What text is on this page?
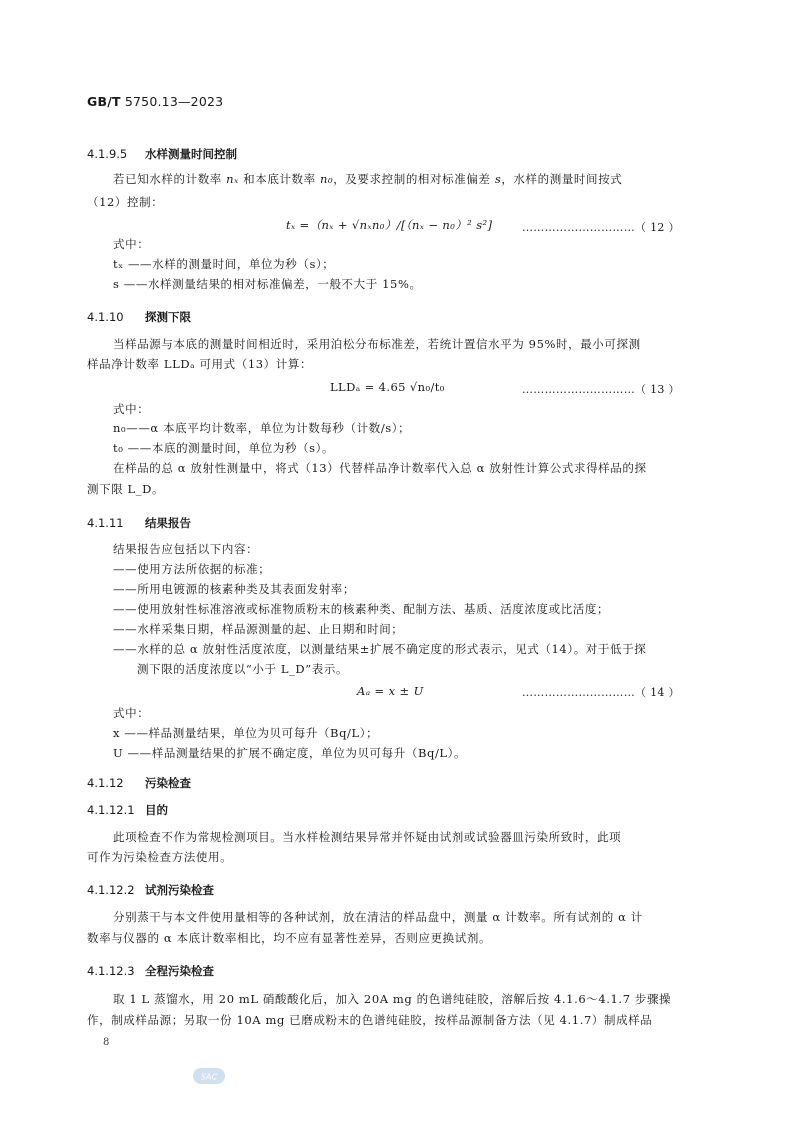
GB/T 5750.13—2023
4.1.9.5 水样测量时间控制
若已知水样的计数率 nₓ 和本底计数率 n₀，及要求控制的相对标准偏差 s，水样的测量时间按式
（12）控制：
tₓ =（nₓ + √nₓn₀）/[（nₓ − n₀）² s²]	…………………………（ 12 ）
式中：
tₓ ——水样的测量时间，单位为秒（s）；
s ——水样测量结果的相对标准偏差，一般不大于 15%。
4.1.10 探测下限
当样品源与本底的测量时间相近时，采用泊松分布标准差，若统计置信水平为 95%时，最小可探测
样品净计数率 LLDₐ 可用式（13）计算：
LLDₐ = 4.65 √n₀/t₀	…………………………（ 13 ）
式中：
n₀——α 本底平均计数率，单位为计数每秒（计数/s）；
t₀ ——本底的测量时间，单位为秒（s）。
在样品的总 α 放射性测量中，将式（13）代替样品净计数率代入总 α 放射性计算公式求得样品的探
测下限 L_D。
4.1.11 结果报告
结果报告应包括以下内容：
——使用方法所依据的标准；
——所用电镀源的核素种类及其表面发射率；
——使用放射性标准溶液或标准物质粉末的核素种类、配制方法、基质、活度浓度或比活度；
——水样采集日期，样品源测量的起、止日期和时间；
——水样的总 α 放射性活度浓度，以测量结果±扩展不确定度的形式表示，见式（14）。对于低于探
测下限的活度浓度以“小于 L_D”表示。
Aₐ = x ± U	…………………………（ 14 ）
式中：
x ——样品测量结果，单位为贝可每升（Bq/L）；
U ——样品测量结果的扩展不确定度，单位为贝可每升（Bq/L）。
4.1.12 污染检查
4.1.12.1 目的
此项检查不作为常规检测项目。当水样检测结果异常并怀疑由试剂或试验器皿污染所致时，此项
可作为污染检查方法使用。
4.1.12.2 试剂污染检查
分别蒸干与本文件使用量相等的各种试剂，放在清洁的样品盘中，测量 α 计数率。所有试剂的 α 计
数率与仪器的 α 本底计数率相比，均不应有显著性差异，否则应更换试剂。
4.1.12.3 全程污染检查
取 1 L 蒸馏水，用 20 mL 硝酸酸化后，加入 20A mg 的色谱纯硅胶，溶解后按 4.1.6～4.1.7 步骤操
作，制成样品源；另取一份 10A mg 已磨成粉末的色谱纯硅胶，按样品源制备方法（见 4.1.7）制成样品
8
SAC
